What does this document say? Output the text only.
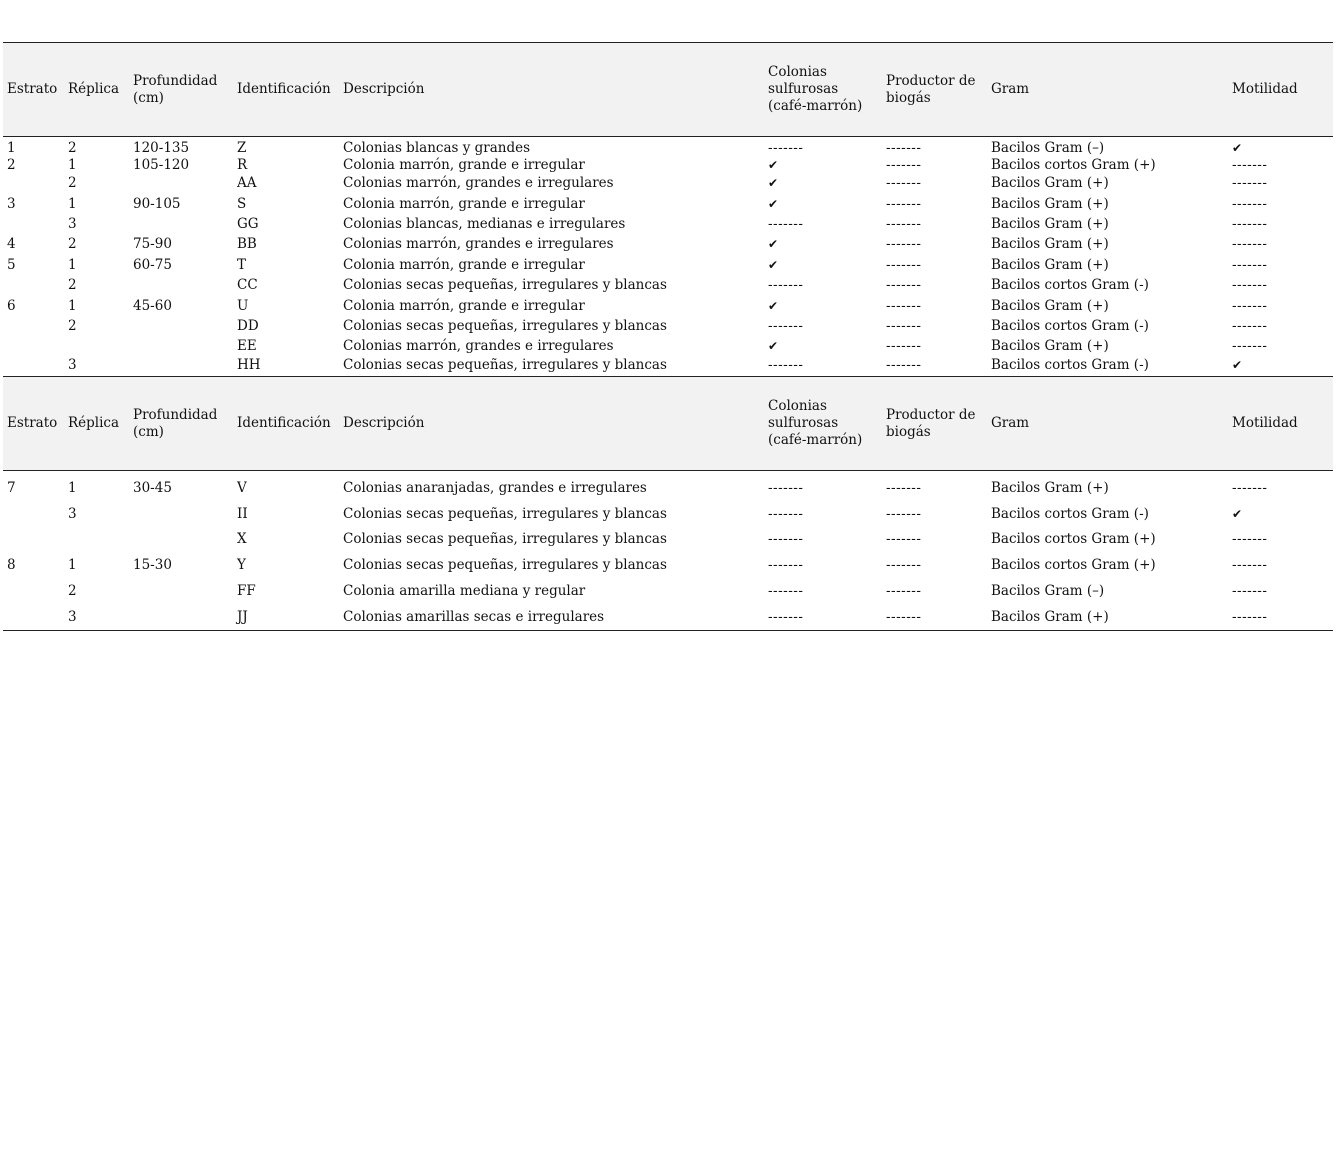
Estrato	Réplica	Profundidad
(cm)	Identificación	Descripción	Colonias
sulfurosas
(café-marrón)	Productor de
biogás	Gram	Motilidad
1	2	120-135	Z	Colonias blancas y grandes	-------	-------	Bacilos Gram (–)	✔
2	1	105-120	R	Colonia marrón, grande e irregular	✔	-------	Bacilos cortos Gram (+)	-------
	2		AA	Colonias marrón, grandes e irregulares	✔	-------	Bacilos Gram (+)	-------
3	1	90-105	S	Colonia marrón, grande e irregular	✔	-------	Bacilos Gram (+)	-------
	3		GG	Colonias blancas, medianas e irregulares	-------	-------	Bacilos Gram (+)	-------
4	2	75-90	BB	Colonias marrón, grandes e irregulares	✔	-------	Bacilos Gram (+)	-------
5	1	60-75	T	Colonia marrón, grande e irregular	✔	-------	Bacilos Gram (+)	-------
	2		CC	Colonias secas pequeñas, irregulares y blancas	-------	-------	Bacilos cortos Gram (-)	-------
6	1	45-60	U	Colonia marrón, grande e irregular	✔	-------	Bacilos Gram (+)	-------
	2		DD	Colonias secas pequeñas, irregulares y blancas	-------	-------	Bacilos cortos Gram (-)	-------
			EE	Colonias marrón, grandes e irregulares	✔	-------	Bacilos Gram (+)	-------
	3		HH	Colonias secas pequeñas, irregulares y blancas	-------	-------	Bacilos cortos Gram (-)	✔
Estrato	Réplica	Profundidad
(cm)	Identificación	Descripción	Colonias
sulfurosas
(café-marrón)	Productor de
biogás	Gram	Motilidad
7	1	30-45	V	Colonias anaranjadas, grandes e irregulares	-------	-------	Bacilos Gram (+)	-------
	3		II	Colonias secas pequeñas, irregulares y blancas	-------	-------	Bacilos cortos Gram (-)	✔
			X	Colonias secas pequeñas, irregulares y blancas	-------	-------	Bacilos cortos Gram (+)	-------
8	1	15-30	Y	Colonias secas pequeñas, irregulares y blancas	-------	-------	Bacilos cortos Gram (+)	-------
	2		FF	Colonia amarilla mediana y regular	-------	-------	Bacilos Gram (–)	-------
	3		JJ	Colonias amarillas secas e irregulares	-------	-------	Bacilos Gram (+)	-------
